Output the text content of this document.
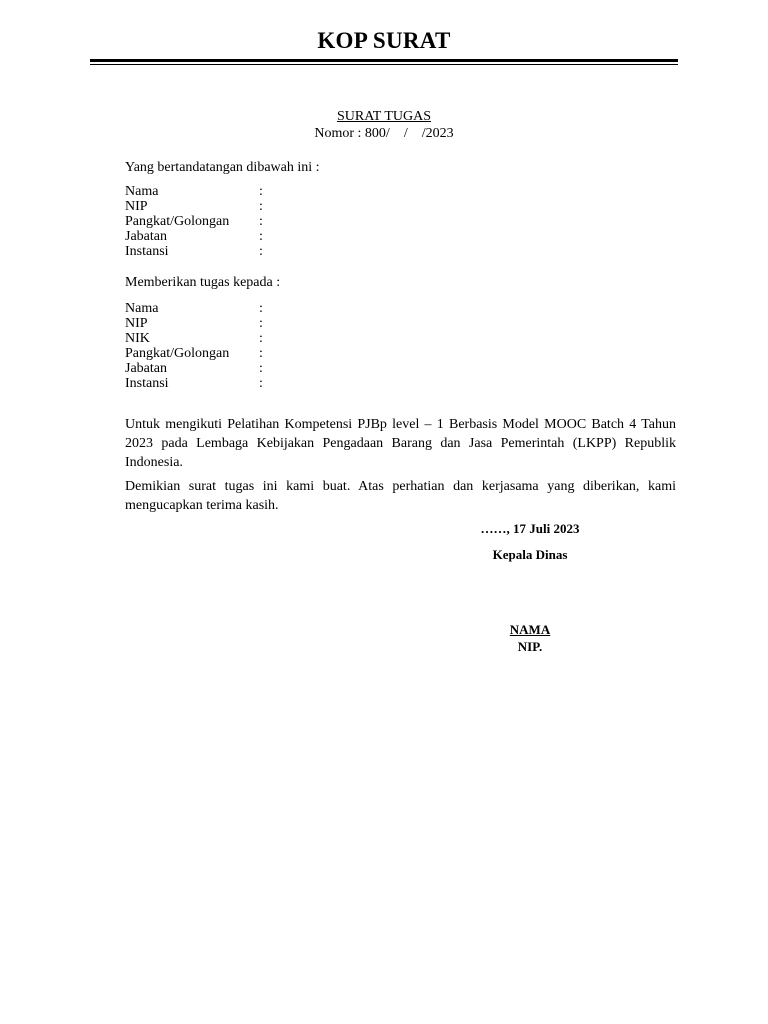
KOP SURAT
SURAT TUGAS
Nomor : 800/    /    /2023
Yang bertandatangan dibawah ini :
Nama	:
NIP	:
Pangkat/Golongan :
Jabatan	:
Instansi	:
Memberikan tugas kepada :
Nama	:
NIP	:
NIK	:
Pangkat/Golongan :
Jabatan	:
Instansi	:
Untuk mengikuti Pelatihan Kompetensi PJBp level – 1 Berbasis Model MOOC Batch 4 Tahun 2023 pada Lembaga Kebijakan Pengadaan Barang dan Jasa Pemerintah (LKPP) Republik Indonesia.
Demikian surat tugas ini kami buat. Atas perhatian dan kerjasama yang diberikan, kami mengucapkan terima kasih.
……, 17 Juli 2023
Kepala Dinas
NAMA
NIP.
